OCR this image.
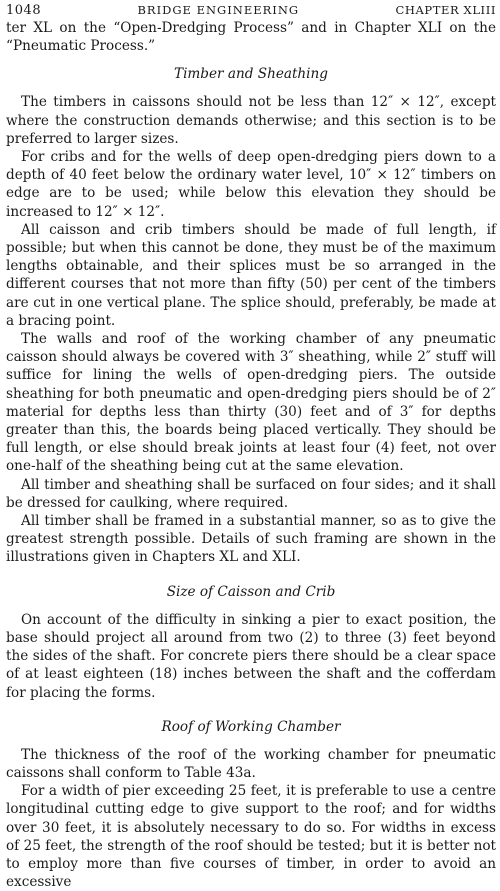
1048	BRIDGE ENGINEERING	CHAPTER XLIII

ter XL on the “Open-Dredging Process” and in Chapter XLI on the “Pneumatic Process.”

Timber and Sheathing

The timbers in caissons should not be less than 12″ × 12″, except where the construction demands otherwise; and this section is to be preferred to larger sizes.

For cribs and for the wells of deep open-dredging piers down to a depth of 40 feet below the ordinary water level, 10″ × 12″ timbers on edge are to be used; while below this elevation they should be increased to 12″ × 12″.

All caisson and crib timbers should be made of full length, if possible; but when this cannot be done, they must be of the maximum lengths obtainable, and their splices must be so arranged in the different courses that not more than fifty (50) per cent of the timbers are cut in one vertical plane. The splice should, preferably, be made at a bracing point.

The walls and roof of the working chamber of any pneumatic caisson should always be covered with 3″ sheathing, while 2″ stuff will suffice for lining the wells of open-dredging piers. The outside sheathing for both pneumatic and open-dredging piers should be of 2″ material for depths less than thirty (30) feet and of 3″ for depths greater than this, the boards being placed vertically. They should be full length, or else should break joints at least four (4) feet, not over one-half of the sheathing being cut at the same elevation.

All timber and sheathing shall be surfaced on four sides; and it shall be dressed for caulking, where required.

All timber shall be framed in a substantial manner, so as to give the greatest strength possible. Details of such framing are shown in the illustrations given in Chapters XL and XLI.

Size of Caisson and Crib

On account of the difficulty in sinking a pier to exact position, the base should project all around from two (2) to three (3) feet beyond the sides of the shaft. For concrete piers there should be a clear space of at least eighteen (18) inches between the shaft and the cofferdam for placing the forms.

Roof of Working Chamber

The thickness of the roof of the working chamber for pneumatic caissons shall conform to Table 43a.

For a width of pier exceeding 25 feet, it is preferable to use a centre longitudinal cutting edge to give support to the roof; and for widths over 30 feet, it is absolutely necessary to do so. For widths in excess of 25 feet, the strength of the roof should be tested; but it is better not to employ more than five courses of timber, in order to avoid an excessive
